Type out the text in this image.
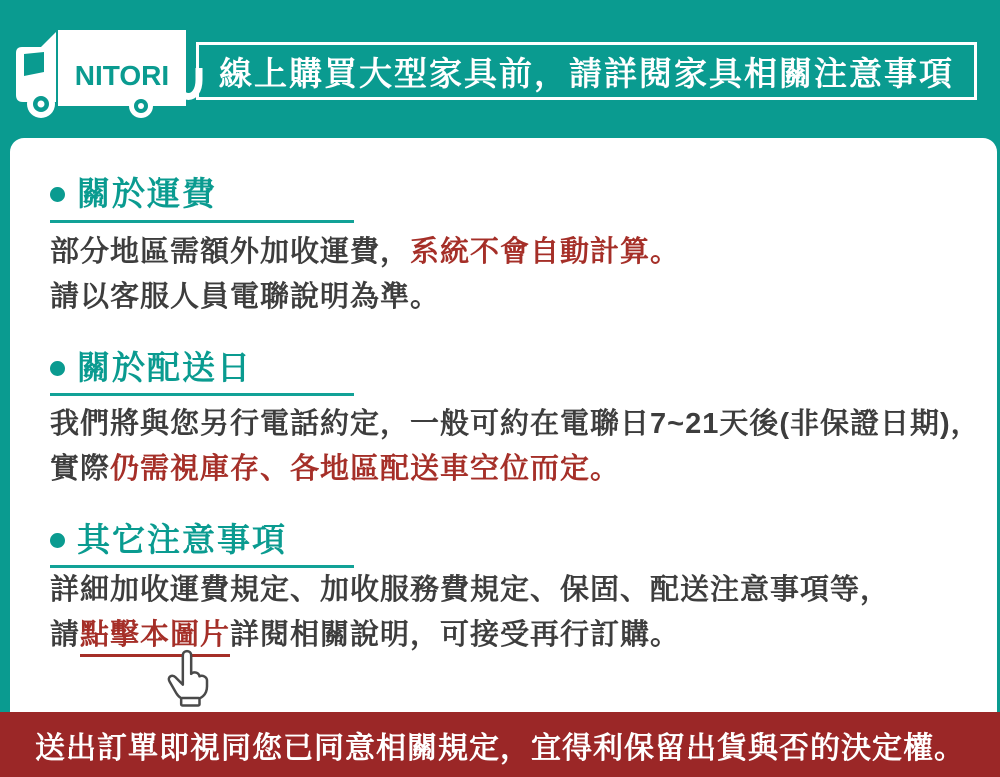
NITORI 線上購買大型家具前，請詳閱家具相關注意事項
關於運費
部分地區需額外加收運費，系統不會自動計算。
請以客服人員電聯說明為準。
關於配送日
我們將與您另行電話約定，一般可約在電聯日7~21天後(非保證日期)，
實際仍需視庫存、各地區配送車空位而定。
其它注意事項
詳細加收運費規定、加收服務費規定、保固、配送注意事項等，
請點擊本圖片詳閱相關說明，可接受再行訂購。
送出訂單即視同您已同意相關規定，宜得利保留出貨與否的決定權。
